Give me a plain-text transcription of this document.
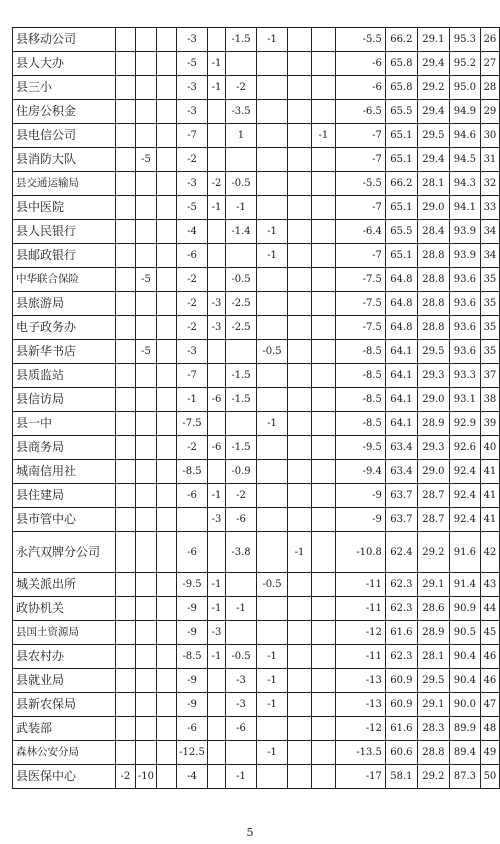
县移动公司				-3		-1.5	-1			-5.5	66.2	29.1	95.3	26
县人大办				-5	-1					-6	65.8	29.4	95.2	27
县三小				-3	-1	-2				-6	65.8	29.2	95.0	28
住房公积金				-3		-3.5				-6.5	65.5	29.4	94.9	29
县电信公司				-7		1			-1	-7	65.1	29.5	94.6	30
县消防大队		-5		-2						-7	65.1	29.4	94.5	31
县交通运输局				-3	-2	-0.5				-5.5	66.2	28.1	94.3	32
县中医院				-5	-1	-1				-7	65.1	29.0	94.1	33
县人民银行				-4		-1.4	-1			-6.4	65.5	28.4	93.9	34
县邮政银行				-6			-1			-7	65.1	28.8	93.9	34
中华联合保险		-5		-2		-0.5				-7.5	64.8	28.8	93.6	35
县旅游局				-2	-3	-2.5				-7.5	64.8	28.8	93.6	35
电子政务办				-2	-3	-2.5				-7.5	64.8	28.8	93.6	35
县新华书店		-5		-3			-0.5			-8.5	64.1	29.5	93.6	35
县质监站				-7		-1.5				-8.5	64.1	29.3	93.3	37
县信访局				-1	-6	-1.5				-8.5	64.1	29.0	93.1	38
县一中				-7.5			-1			-8.5	64.1	28.9	92.9	39
县商务局				-2	-6	-1.5				-9.5	63.4	29.3	92.6	40
城南信用社				-8.5		-0.9				-9.4	63.4	29.0	92.4	41
县住建局				-6	-1	-2				-9	63.7	28.7	92.4	41
县市管中心					-3	-6				-9	63.7	28.7	92.4	41
永汽双牌分公司				-6		-3.8		-1		-10.8	62.4	29.2	91.6	42
城关派出所				-9.5	-1		-0.5			-11	62.3	29.1	91.4	43
政协机关				-9	-1	-1				-11	62.3	28.6	90.9	44
县国土资源局				-9	-3					-12	61.6	28.9	90.5	45
县农村办				-8.5	-1	-0.5	-1			-11	62.3	28.1	90.4	46
县就业局				-9		-3	-1			-13	60.9	29.5	90.4	46
县新农保局				-9		-3	-1			-13	60.9	29.1	90.0	47
武装部				-6		-6				-12	61.6	28.3	89.9	48
森林公安分局				-12.5			-1			-13.5	60.6	28.8	89.4	49
县医保中心	-2	-10		-4		-1				-17	58.1	29.2	87.3	50
5
